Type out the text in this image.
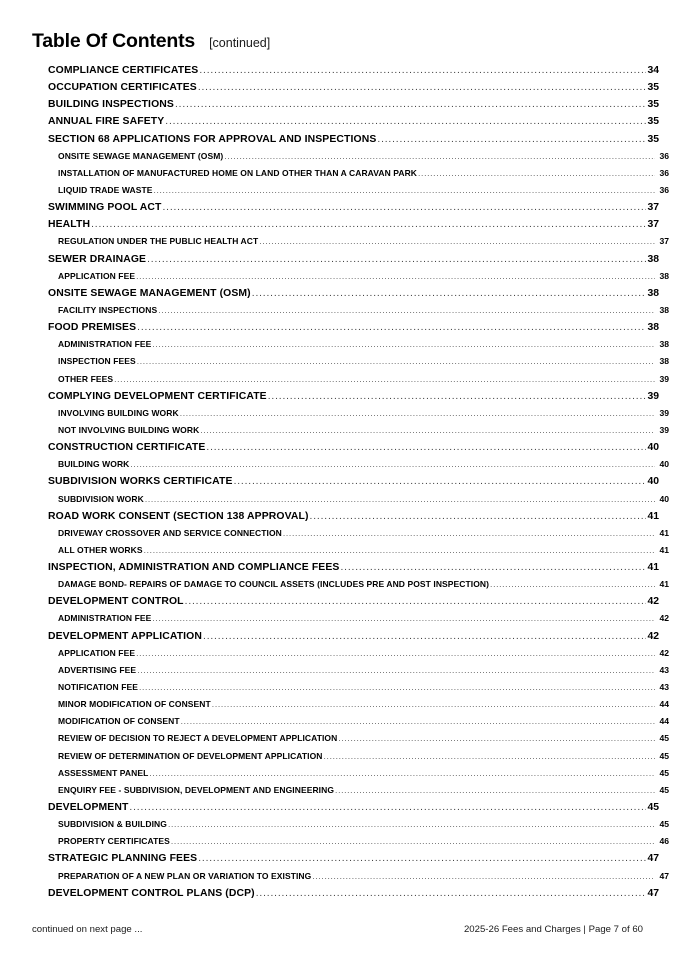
Table Of Contents [continued]
COMPLIANCE CERTIFICATES .....	34
OCCUPATION CERTIFICATES .....	35
BUILDING INSPECTIONS .....	35
ANNUAL FIRE SAFETY .....	35
SECTION 68 APPLICATIONS FOR APPROVAL AND INSPECTIONS .....	35
ONSITE SEWAGE MANAGEMENT (OSM) .....	36
INSTALLATION OF MANUFACTURED HOME ON LAND OTHER THAN A CARAVAN PARK .....	36
LIQUID TRADE WASTE .....	36
SWIMMING POOL ACT .....	37
HEALTH .....	37
REGULATION UNDER THE PUBLIC HEALTH ACT .....	37
SEWER DRAINAGE .....	38
APPLICATION FEE .....	38
ONSITE SEWAGE MANAGEMENT (OSM) .....	38
FACILITY INSPECTIONS .....	38
FOOD PREMISES .....	38
ADMINISTRATION FEE .....	38
INSPECTION FEES .....	38
OTHER FEES .....	39
COMPLYING DEVELOPMENT CERTIFICATE .....	39
INVOLVING BUILDING WORK .....	39
NOT INVOLVING BUILDING WORK .....	39
CONSTRUCTION CERTIFICATE .....	40
BUILDING WORK .....	40
SUBDIVISION WORKS CERTIFICATE .....	40
SUBDIVISION WORK .....	40
ROAD WORK CONSENT (SECTION 138 APPROVAL) .....	41
DRIVEWAY CROSSOVER AND SERVICE CONNECTION .....	41
ALL OTHER WORKS .....	41
INSPECTION, ADMINISTRATION AND COMPLIANCE FEES .....	41
DAMAGE BOND- REPAIRS OF DAMAGE TO COUNCIL ASSETS (INCLUDES PRE AND POST INSPECTION) .....	41
DEVELOPMENT CONTROL .....	42
ADMINISTRATION FEE .....	42
DEVELOPMENT APPLICATION .....	42
APPLICATION FEE .....	42
ADVERTISING FEE .....	43
NOTIFICATION FEE .....	43
MINOR MODIFICATION OF CONSENT .....	44
MODIFICATION OF CONSENT .....	44
REVIEW OF DECISION TO REJECT A DEVELOPMENT APPLICATION .....	45
REVIEW OF DETERMINATION OF DEVELOPMENT APPLICATION .....	45
ASSESSMENT PANEL .....	45
ENQUIRY FEE - SUBDIVISION, DEVELOPMENT AND ENGINEERING .....	45
DEVELOPMENT .....	45
SUBDIVISION & BUILDING .....	45
PROPERTY CERTIFICATES .....	46
STRATEGIC PLANNING FEES .....	47
PREPARATION OF A NEW PLAN OR VARIATION TO EXISTING .....	47
DEVELOPMENT CONTROL PLANS (DCP) .....	47
continued on next page ...	2025-26 Fees and Charges | Page 7 of 60
